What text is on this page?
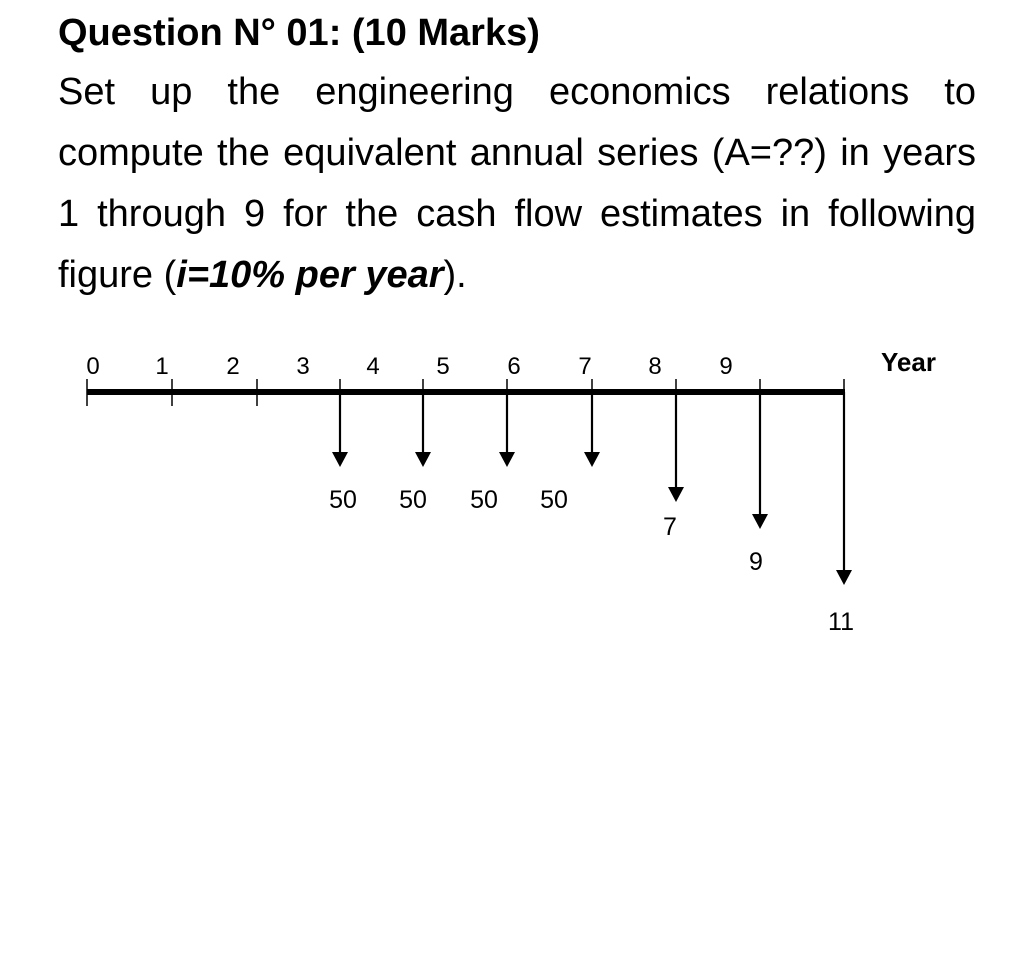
Question N° 01: (10 Marks)

Set up the engineering economics relations to compute the equivalent annual series (A=??) in years 1 through 9 for the cash flow estimates in following figure (i=10% per year).

0 1 2 3 4 5 6 7 8 9	Year
50 50 50 50
7
9
11
